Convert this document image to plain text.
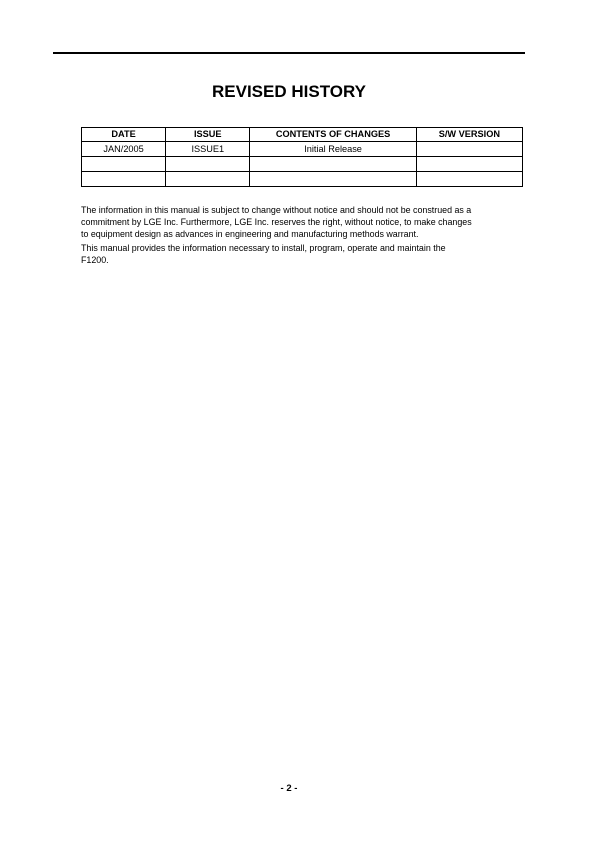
REVISED HISTORY
DATE	ISSUE	CONTENTS OF CHANGES	S/W VERSION
JAN/2005	ISSUE1	Initial Release	

The information in this manual is subject to change without notice and should not be construed as a
commitment by LGE Inc. Furthermore, LGE Inc. reserves the right, without notice, to make changes
to equipment design as advances in engineering and manufacturing methods warrant.

This manual provides the information necessary to install, program, operate and maintain the
F1200.

- 2 -
